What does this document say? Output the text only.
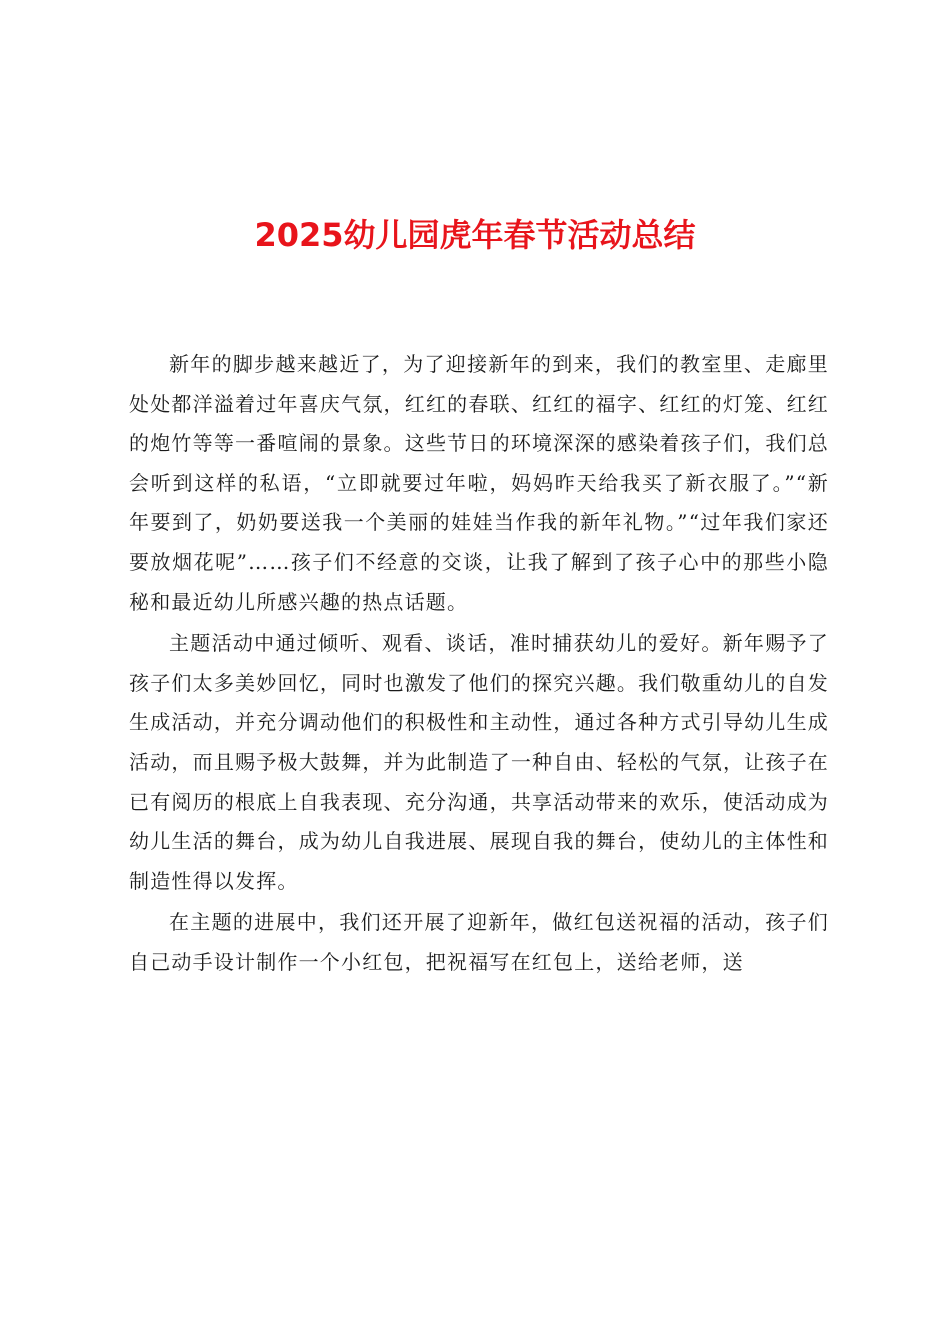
2025幼儿园虎年春节活动总结

新年的脚步越来越近了，为了迎接新年的到来，我们的教室里、走廊里处处都洋溢着过年喜庆气氛，红红的春联、红红的福字、红红的灯笼、红红的炮竹等等一番喧闹的景象。这些节日的环境深深的感染着孩子们，我们总会听到这样的私语，“立即就要过年啦，妈妈昨天给我买了新衣服了。”“新年要到了，奶奶要送我一个美丽的娃娃当作我的新年礼物。”“过年我们家还要放烟花呢”……孩子们不经意的交谈，让我了解到了孩子心中的那些小隐秘和最近幼儿所感兴趣的热点话题。

主题活动中通过倾听、观看、谈话，准时捕获幼儿的爱好。新年赐予了孩子们太多美妙回忆，同时也激发了他们的探究兴趣。我们敬重幼儿的自发生成活动，并充分调动他们的积极性和主动性，通过各种方式引导幼儿生成活动，而且赐予极大鼓舞，并为此制造了一种自由、轻松的气氛，让孩子在已有阅历的根底上自我表现、充分沟通，共享活动带来的欢乐，使活动成为幼儿生活的舞台，成为幼儿自我进展、展现自我的舞台，使幼儿的主体性和制造性得以发挥。

在主题的进展中，我们还开展了迎新年，做红包送祝福的活动，孩子们自己动手设计制作一个小红包，把祝福写在红包上，送给老师，送
